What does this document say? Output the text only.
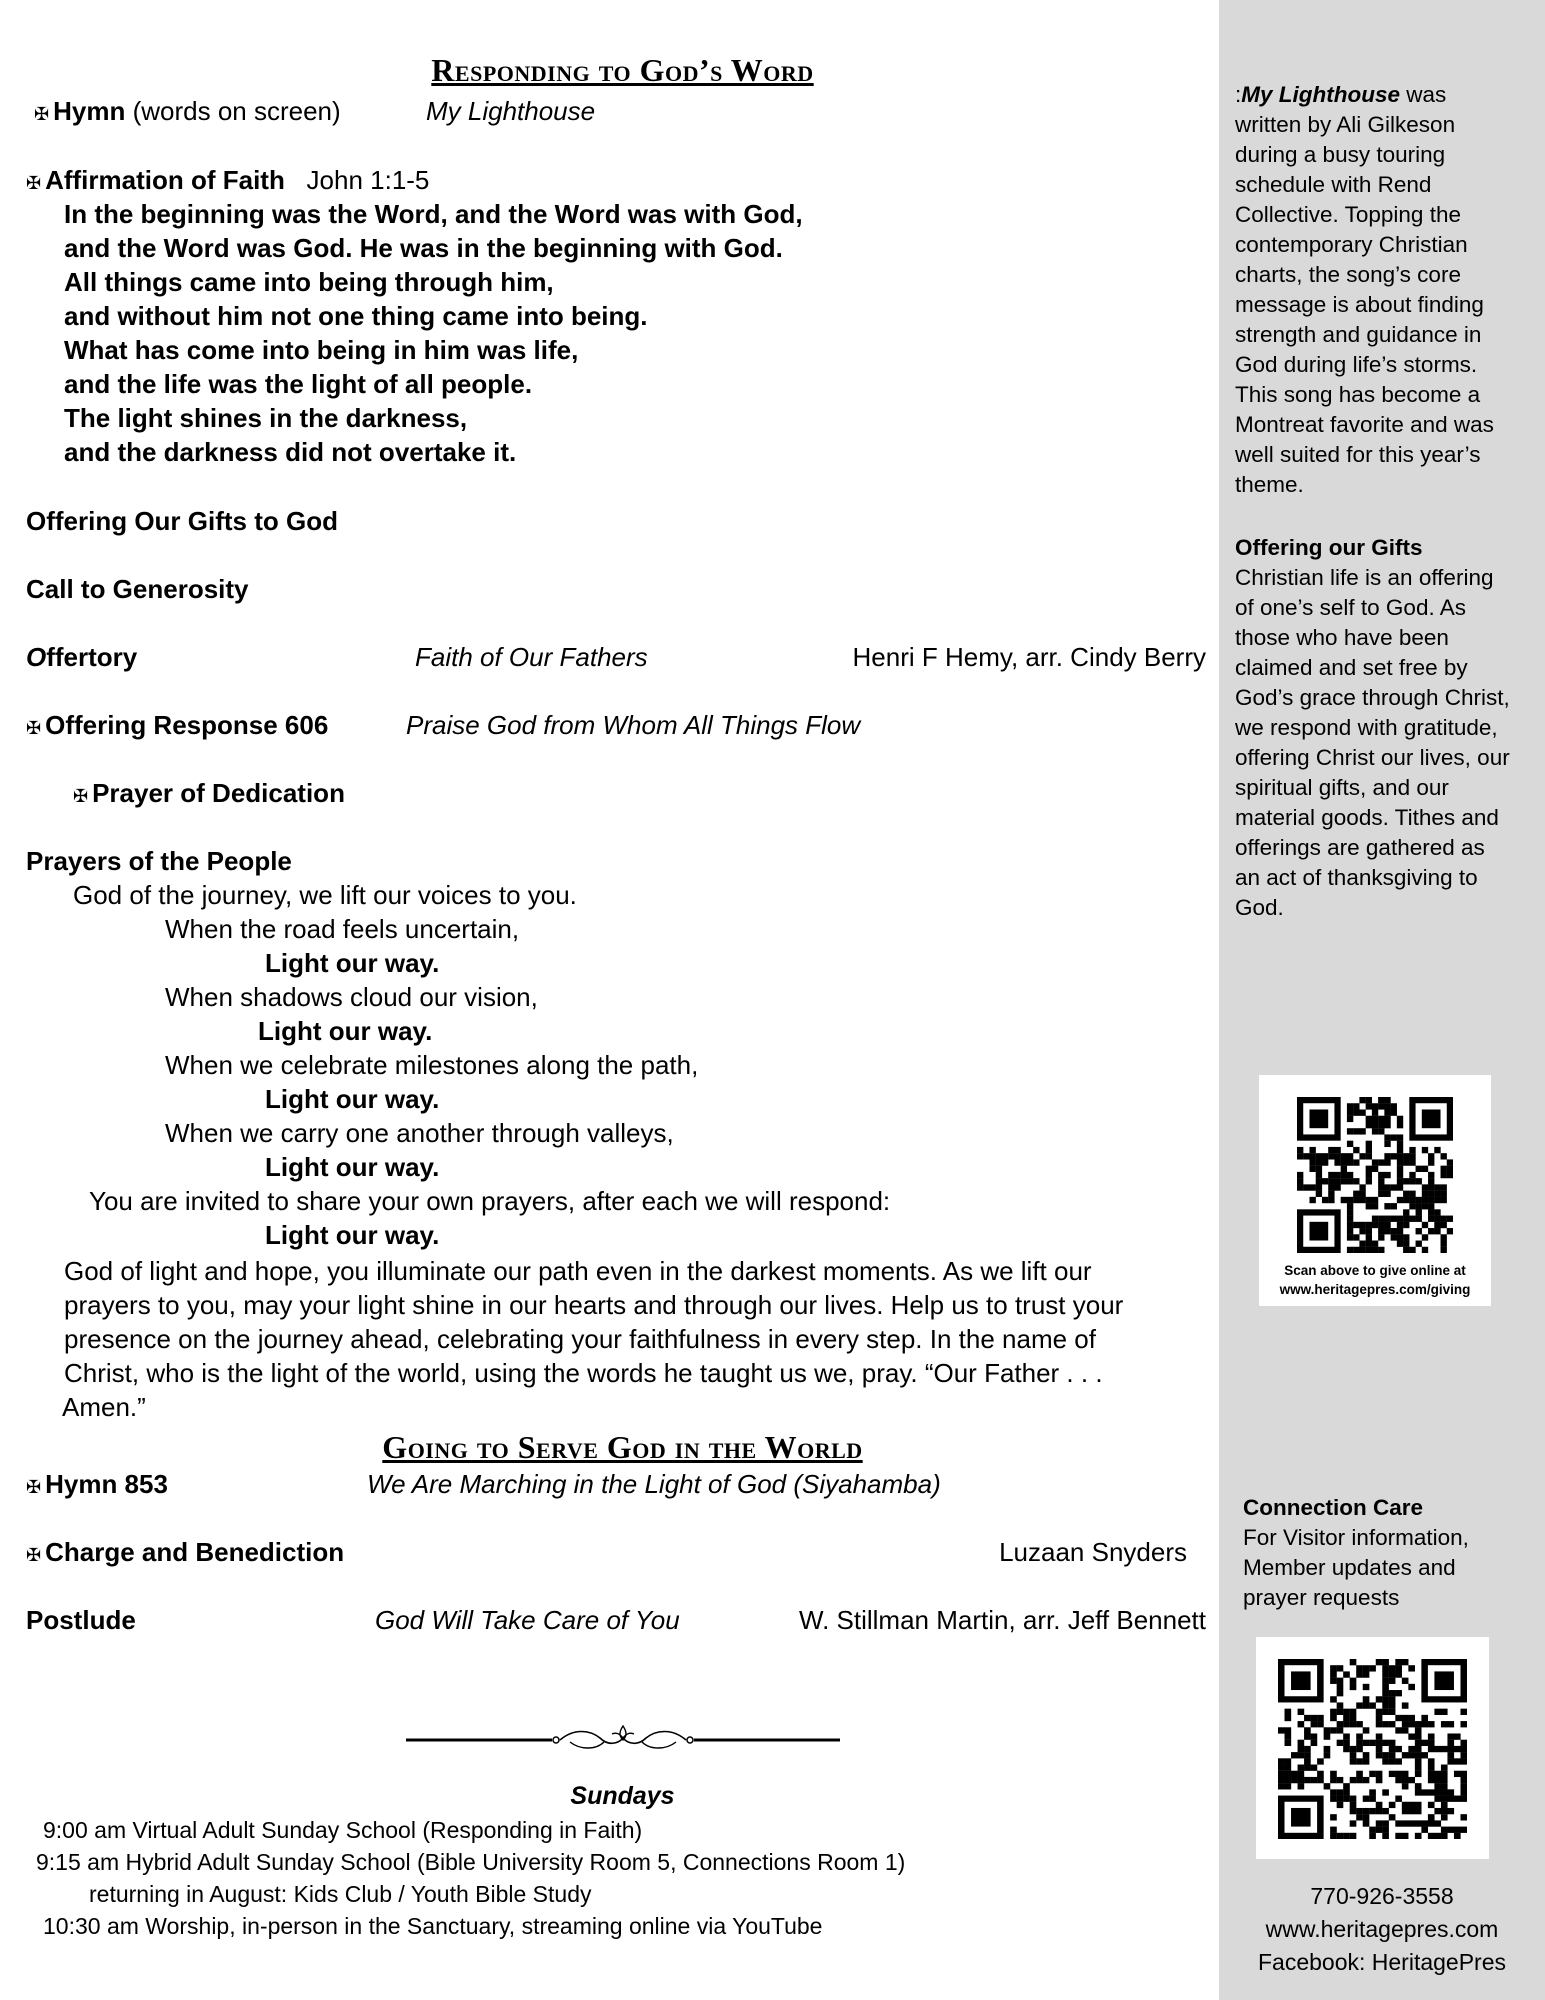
Responding to God’s Word
✠ Hymn (words on screen)	My Lighthouse
✠ Affirmation of Faith John 1:1-5
In the beginning was the Word, and the Word was with God,
and the Word was God. He was in the beginning with God.
All things came into being through him,
and without him not one thing came into being.
What has come into being in him was life,
and the life was the light of all people.
The light shines in the darkness,
and the darkness did not overtake it.
Offering Our Gifts to God
Call to Generosity
Offertory	Faith of Our Fathers	Henri F Hemy, arr. Cindy Berry
✠ Offering Response 606	Praise God from Whom All Things Flow
✠ Prayer of Dedication
Prayers of the People
God of the journey, we lift our voices to you.
When the road feels uncertain,
Light our way.
When shadows cloud our vision,
Light our way.
When we celebrate milestones along the path,
Light our way.
When we carry one another through valleys,
Light our way.
You are invited to share your own prayers, after each we will respond:
Light our way.
God of light and hope, you illuminate our path even in the darkest moments. As we lift our
prayers to you, may your light shine in our hearts and through our lives. Help us to trust your
presence on the journey ahead, celebrating your faithfulness in every step. In the name of
Christ, who is the light of the world, using the words he taught us we, pray. “Our Father . . .
Amen.”
Going to Serve God in the World
✠ Hymn 853	We Are Marching in the Light of God (Siyahamba)
✠ Charge and Benediction	Luzaan Snyders
Postlude	God Will Take Care of You	W. Stillman Martin, arr. Jeff Bennett
Sundays
9:00 am Virtual Adult Sunday School (Responding in Faith)
9:15 am Hybrid Adult Sunday School (Bible University Room 5, Connections Room 1)
returning in August: Kids Club / Youth Bible Study
10:30 am Worship, in-person in the Sanctuary, streaming online via YouTube
:My Lighthouse was
written by Ali Gilkeson
during a busy touring
schedule with Rend
Collective. Topping the
contemporary Christian
charts, the song’s core
message is about finding
strength and guidance in
God during life’s storms.
This song has become a
Montreat favorite and was
well suited for this year’s
theme.
Offering our Gifts
Christian life is an offering
of one’s self to God. As
those who have been
claimed and set free by
God’s grace through Christ,
we respond with gratitude,
offering Christ our lives, our
spiritual gifts, and our
material goods. Tithes and
offerings are gathered as
an act of thanksgiving to
God.
Scan above to give online at
www.heritagepres.com/giving
Connection Care
For Visitor information,
Member updates and
prayer requests
770-926-3558
www.heritagepres.com
Facebook: HeritagePres
